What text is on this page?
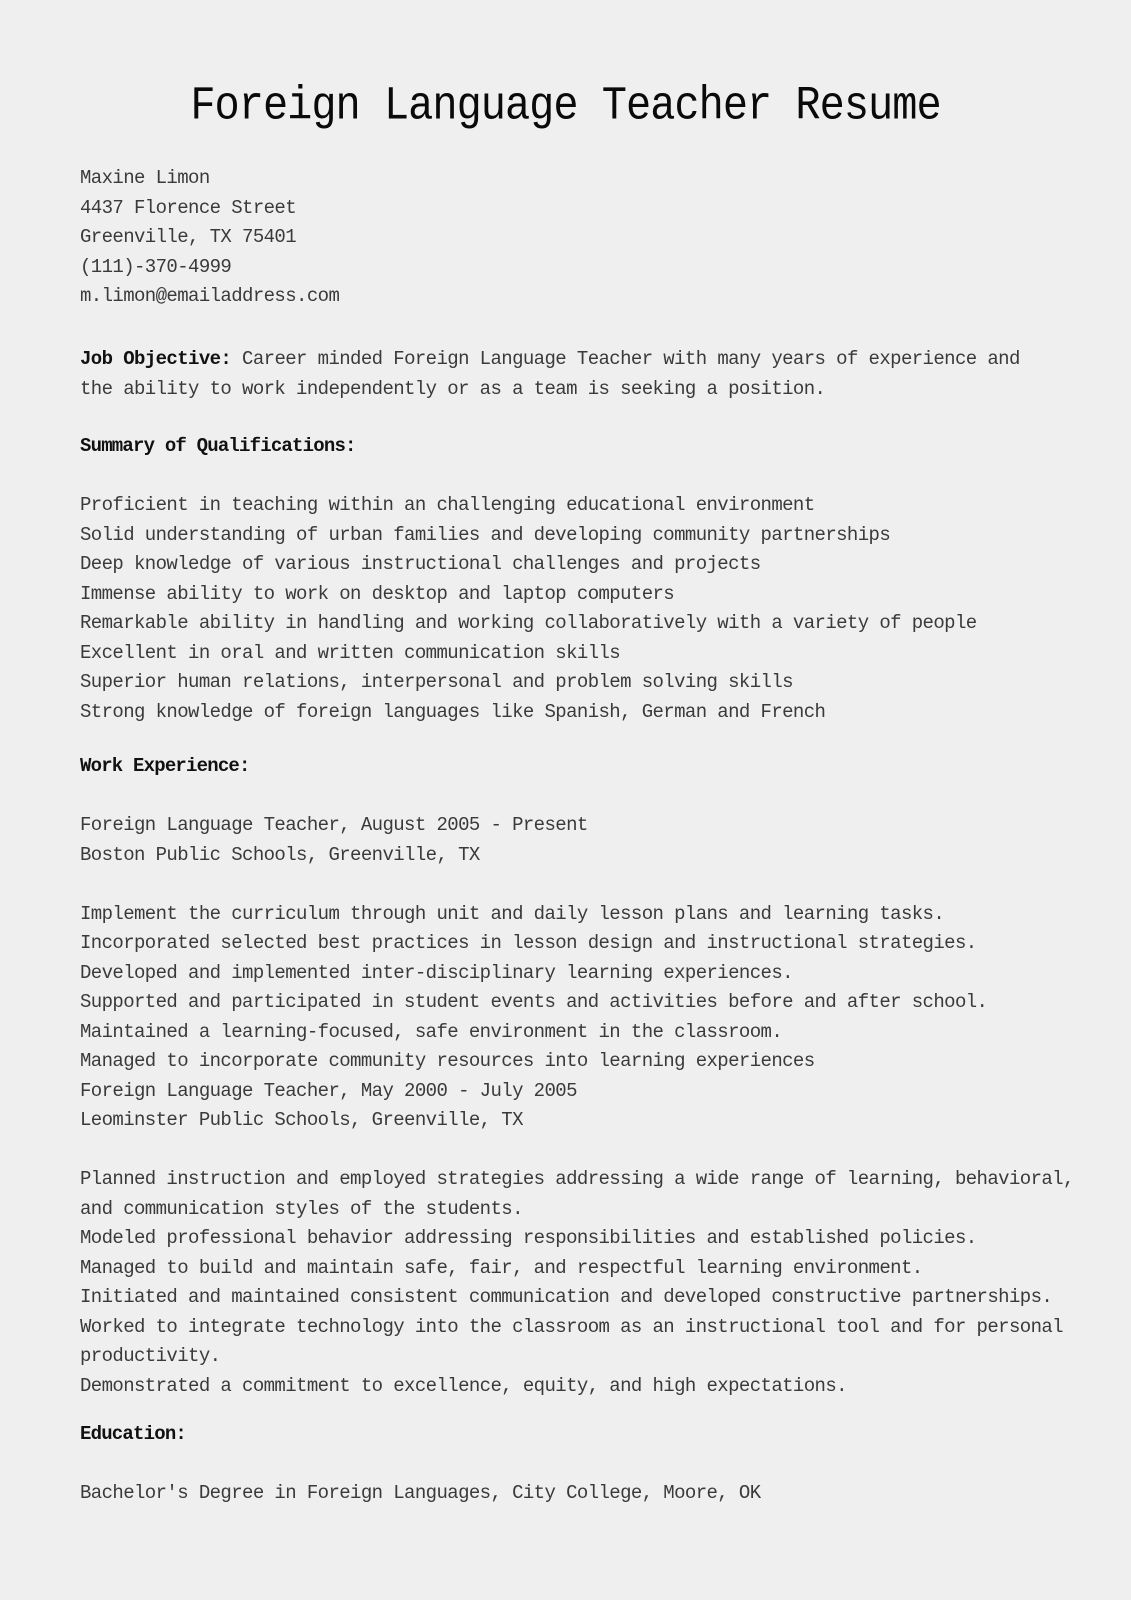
Foreign Language Teacher Resume
Maxine Limon
4437 Florence Street
Greenville, TX 75401
(111)-370-4999
m.limon@emailaddress.com
Job Objective: Career minded Foreign Language Teacher with many years of experience and
the ability to work independently or as a team is seeking a position.
Summary of Qualifications:
Proficient in teaching within an challenging educational environment
Solid understanding of urban families and developing community partnerships
Deep knowledge of various instructional challenges and projects
Immense ability to work on desktop and laptop computers
Remarkable ability in handling and working collaboratively with a variety of people
Excellent in oral and written communication skills
Superior human relations, interpersonal and problem solving skills
Strong knowledge of foreign languages like Spanish, German and French
Work Experience:
Foreign Language Teacher, August 2005 - Present
Boston Public Schools, Greenville, TX
Implement the curriculum through unit and daily lesson plans and learning tasks.
Incorporated selected best practices in lesson design and instructional strategies.
Developed and implemented inter-disciplinary learning experiences.
Supported and participated in student events and activities before and after school.
Maintained a learning-focused, safe environment in the classroom.
Managed to incorporate community resources into learning experiences
Foreign Language Teacher, May 2000 - July 2005
Leominster Public Schools, Greenville, TX
Planned instruction and employed strategies addressing a wide range of learning, behavioral,
and communication styles of the students.
Modeled professional behavior addressing responsibilities and established policies.
Managed to build and maintain safe, fair, and respectful learning environment.
Initiated and maintained consistent communication and developed constructive partnerships.
Worked to integrate technology into the classroom as an instructional tool and for personal
productivity.
Demonstrated a commitment to excellence, equity, and high expectations.
Education:
Bachelor's Degree in Foreign Languages, City College, Moore, OK
